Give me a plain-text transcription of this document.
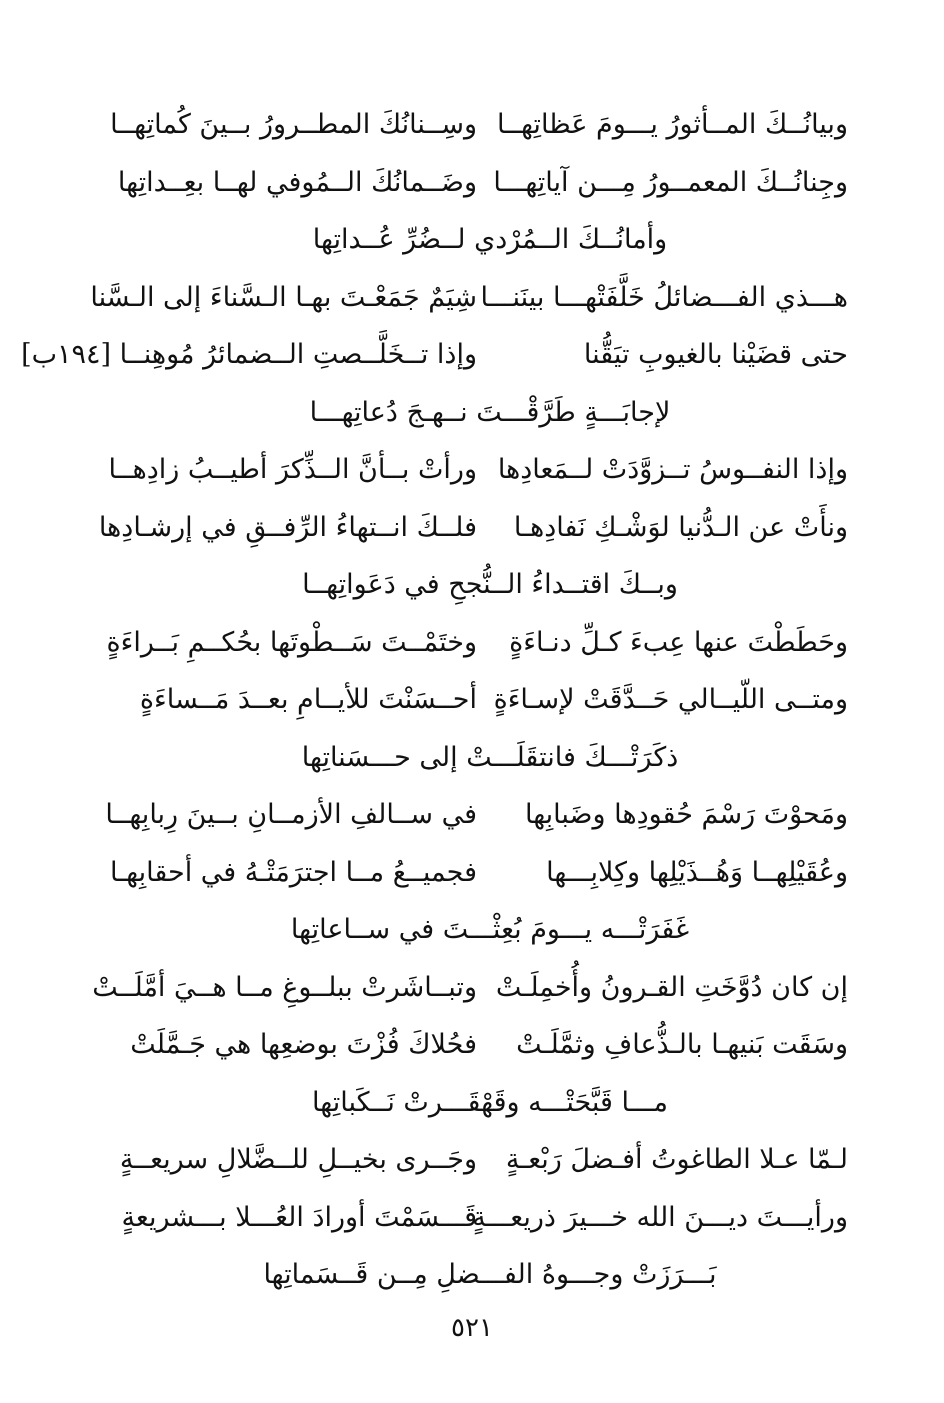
وبيانُــكَ المــأثورُ يـــومَ عَظاتِهــا
وسِــنانُكَ المطــرورُ بــينَ كُماتِهــا
وجِنانُــكَ المعمــورُ مِـــن آياتِهـــا
وضَــمانُكَ الــمُوفي لهــا بعِــداتِها
وأمانُــكَ الــمُرْدي لــضُرِّ عُــداتِها
هـــذي الفـــضائلُ خَلَّفَتْهـــا بينَنـــا
شِيَمٌ جَمَعْـتَ بهـا الـسَّناءَ إلى الـسَّنا
حتى قضَيْنا بالغيوبِ تيَقُّنا
وإذا تــخَلَّــصتِ الــضمائرُ مُوهِنــا [١٩٤ب]
لإجابَـــةٍ طَرَّقْـــتَ نــهـجَ دُعاتِهـــا
وإذا النفــوسُ تــزوَّدَتْ لــمَعادِها
ورأتْ بــأنَّ الــذِّكرَ أطيــبُ زادِهــا
ونأَتْ عن الـدُّنيا لوَشْـكِ نَفادِهـا
فلــكَ انــتهاءُ الرِّفــقِ في إرشـادِها
وبــكَ اقتــداءُ الــنُّجحِ في دَعَواتِهــا
وحَطَطْتَ عنها عِبءَ كـلِّ دنـاءَةٍ
وختَمْــتَ سَــطْوتَها بحُكــمِ بَــراءَةٍ
ومتــى اللّيــالي حَــدَّقَتْ لإسـاءَةٍ
أحــسَنْتَ للأيــامِ بعــدَ مَــساءَةٍ
ذكَرَتْـــكَ فانتقَلَـــتْ إلى حـــسَناتِها
ومَحوْتَ رَسْمَ حُقودِها وضَبابِها
في ســالفِ الأزمــانِ بــينَ رِبابِهــا
وعُقَيْلِهــا وَهُــذَيْلِها وكِلابِـــها
فجميــعُ مــا اجترَمَتْـهُ في أحقابِهـا
غَفَرَتْـــه يـــومَ بُعِثْـــتَ في ســاعاتِها
إن كان دُوَّخَتِ القـرونُ وأُخمِلَـتْ
وتبــاشَرتْ ببلــوغِ مــا هــيَ أمَّلَــتْ
وسَقَت بَنيهـا بالـذُّعافِ وثمَّلَـتْ
فحُلاكَ فُزْتَ بوضعِها هي جَـمَّلَتْ
مـــا قَبَّحَتْـــه وقَهْقَـــرتْ نَــكَباتِها
لـمّا عـلا الطاغوتُ أفـضلَ رَبْعـةٍ
وجَــرى بخيــلِ للــضَّلالِ سريعــةٍ
ورأيـــتَ ديـــنَ الله خـــيرَ ذريعـــةٍ
قَـــسَمْتَ أورادَ العُـــلا بـــشريعةٍ
بَـــرَزَتْ وجـــوهُ الفـــضلِ مِــن قَــسَماتِها
٥٢١
